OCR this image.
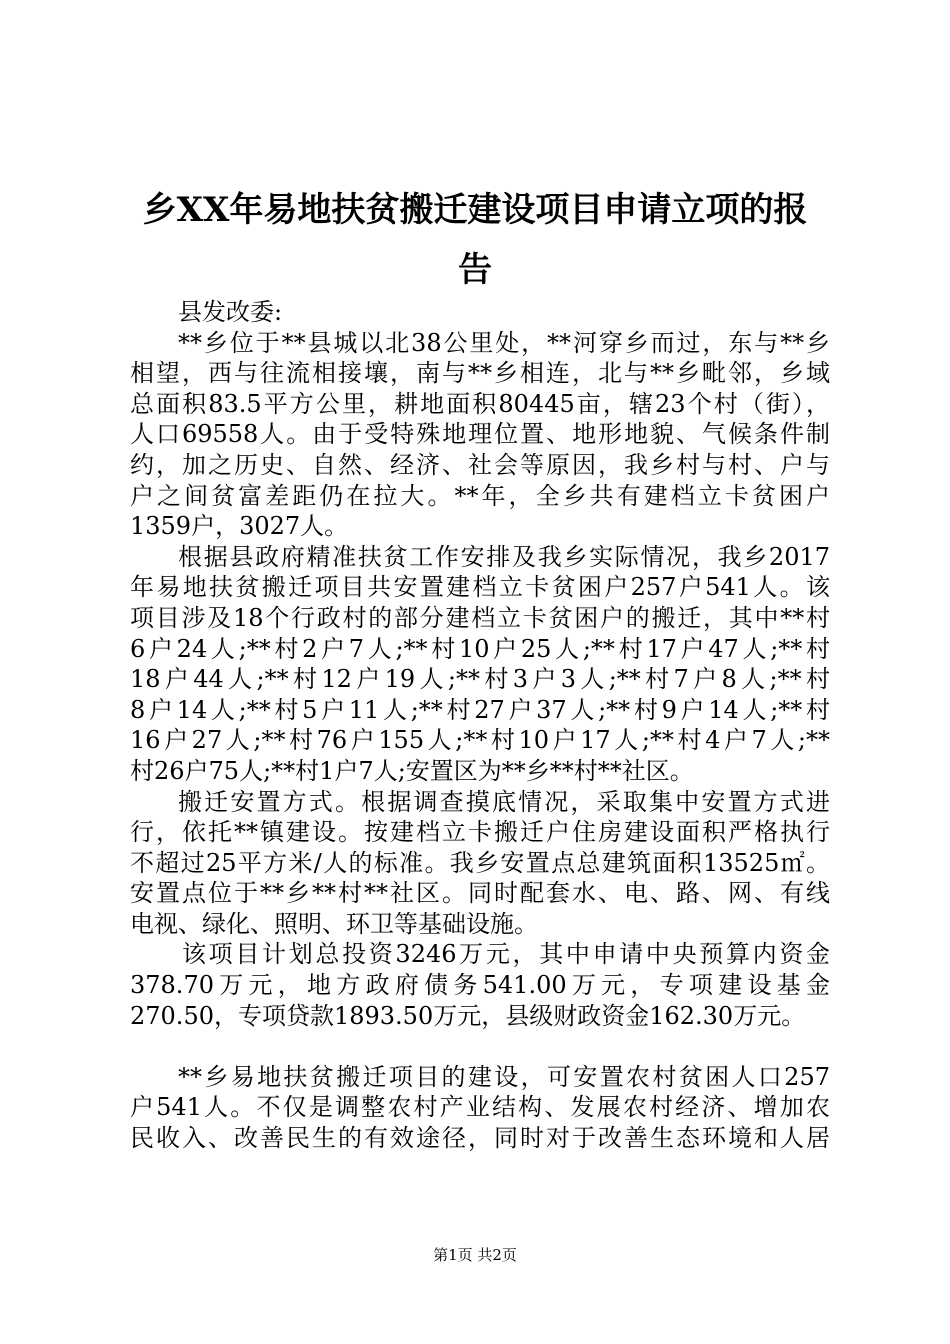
乡XX年易地扶贫搬迁建设项目申请立项的报
告
县发改委:
**乡位于**县城以北38公里处，**河穿乡而过，东与**乡
相望，西与往流相接壤，南与**乡相连，北与**乡毗邻，乡域
总面积83.5平方公里，耕地面积80445亩，辖23个村（街），
人口69558人。由于受特殊地理位置、地形地貌、气候条件制
约，加之历史、自然、经济、社会等原因，我乡村与村、户与
户之间贫富差距仍在拉大。**年，全乡共有建档立卡贫困户
1359户，3027人。
根据县政府精准扶贫工作安排及我乡实际情况，我乡2017
年易地扶贫搬迁项目共安置建档立卡贫困户257户541人。该
项目涉及18个行政村的部分建档立卡贫困户的搬迁，其中**村
6户24人;**村2户7人;**村10户25人;**村17户47人;**村
18户44人;**村12户19人;**村3户3人;**村7户8人;**村
8户14人;**村5户11人;**村27户37人;**村9户14人;**村
16户27人;**村76户155人;**村10户17人;**村4户7人;**
村26户75人;**村1户7人;安置区为**乡**村**社区。
搬迁安置方式。根据调查摸底情况，采取集中安置方式进
行，依托**镇建设。按建档立卡搬迁户住房建设面积严格执行
不超过25平方米/人的标准。我乡安置点总建筑面积13525㎡。
安置点位于**乡**村**社区。同时配套水、电、路、网、有线
电视、绿化、照明、环卫等基础设施。
该项目计划总投资3246万元，其中申请中央预算内资金
378.70万元，地方政府债务541.00万元，专项建设基金
270.50，专项贷款1893.50万元，县级财政资金162.30万元。
**乡易地扶贫搬迁项目的建设，可安置农村贫困人口257
户541人。不仅是调整农村产业结构、发展农村经济、增加农
民收入、改善民生的有效途径，同时对于改善生态环境和人居
第1页 共2页
